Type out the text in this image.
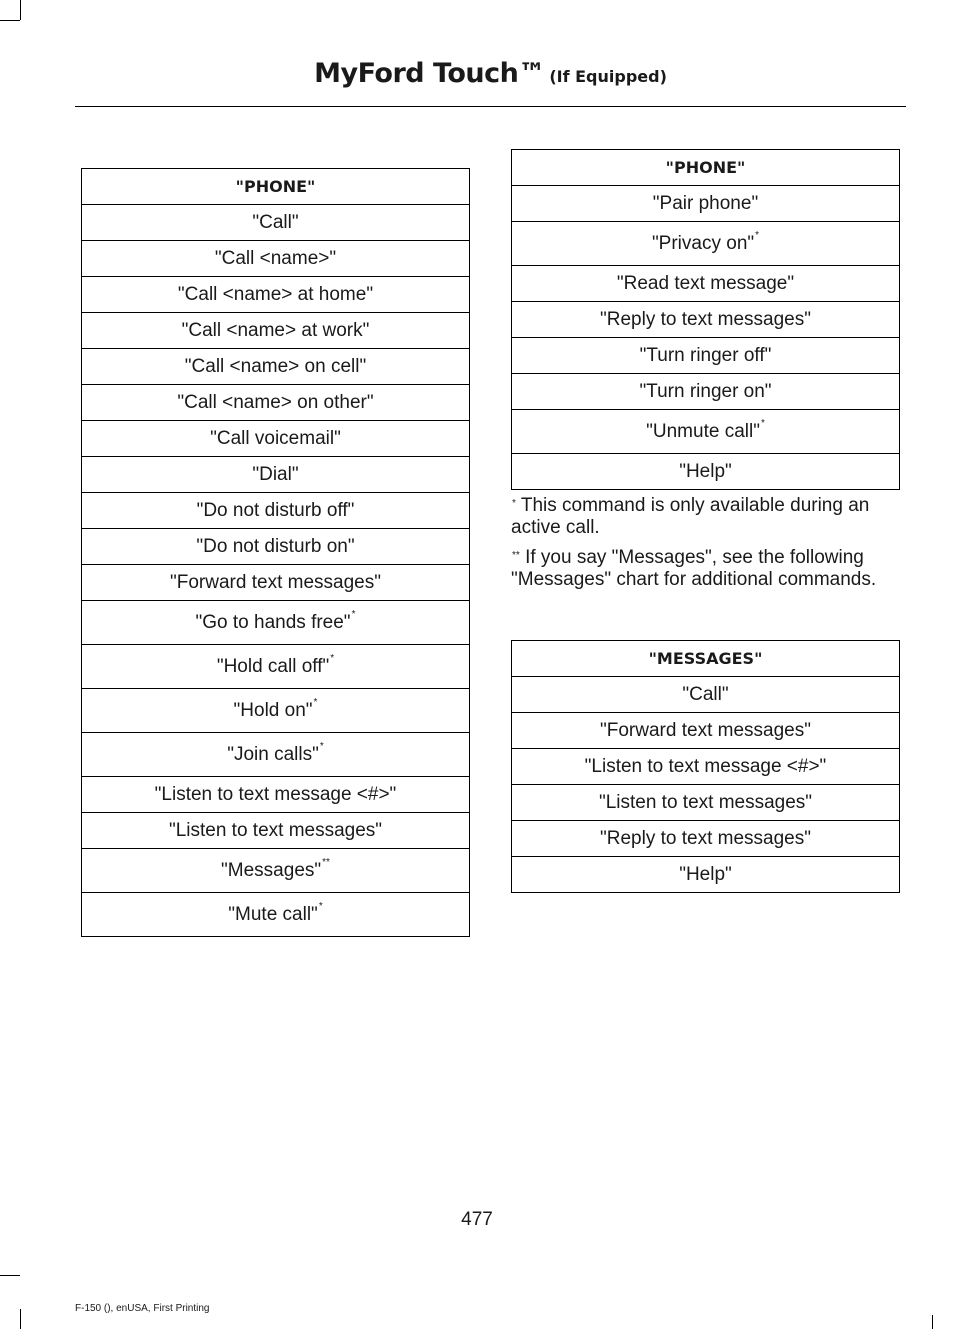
MyFord Touch™ (If Equipped)
"PHONE"
"Call"
"Call <name>"
"Call <name> at home"
"Call <name> at work"
"Call <name> on cell"
"Call <name> on other"
"Call voicemail"
"Dial"
"Do not disturb off"
"Do not disturb on"
"Forward text messages"
"Go to hands free"*
"Hold call off"*
"Hold on"*
"Join calls"*
"Listen to text message <#>"
"Listen to text messages"
"Messages"**
"Mute call"*
"PHONE"
"Pair phone"
"Privacy on"*
"Read text message"
"Reply to text messages"
"Turn ringer off"
"Turn ringer on"
"Unmute call"*
"Help"

* This command is only available during an active call.

** If you say "Messages", see the following "Messages" chart for additional commands.

"MESSAGES"
"Call"
"Forward text messages"
"Listen to text message <#>"
"Listen to text messages"
"Reply to text messages"
"Help"
477
F-150 (), enUSA, First Printing
